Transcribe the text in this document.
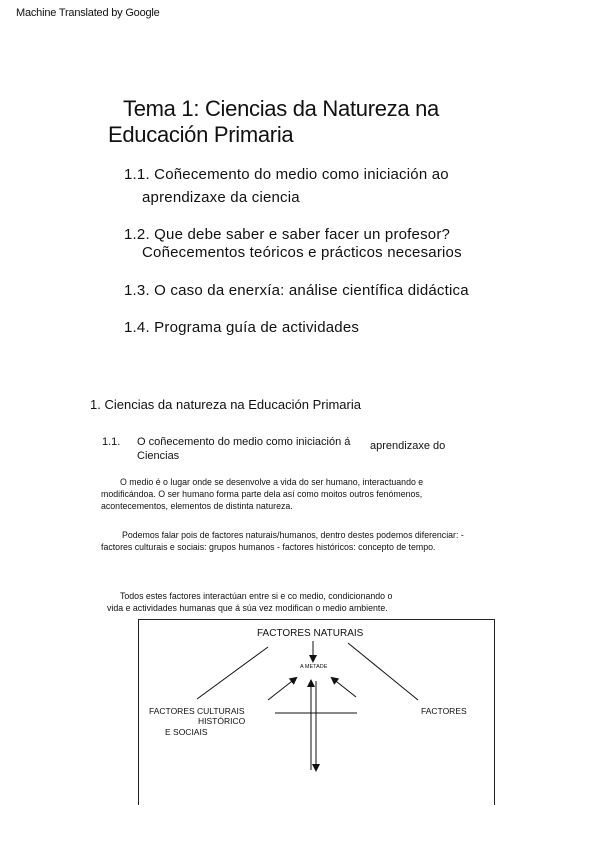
Machine Translated by Google
Tema 1: Ciencias da Natureza na
Educación Primaria
1.1. Coñecemento do medio como iniciación ao
aprendizaxe da ciencia
1.2. Que debe saber e saber facer un profesor?
Coñecementos teóricos e prácticos necesarios
1.3. O caso da enerxía: análise científica didáctica
1.4. Programa guía de actividades
1. Ciencias da natureza na Educación Primaria
1.1. O coñecemento do medio como iniciación á aprendizaxe do
Ciencias
O medio é o lugar onde se desenvolve a vida do ser humano, interactuando e
modificándoa. O ser humano forma parte dela así como moitos outros fenómenos,
acontecementos, elementos de distinta natureza.
Podemos falar pois de factores naturais/humanos, dentro destes podemos diferenciar: -
factores culturais e sociais: grupos humanos - factores históricos: concepto de tempo.
Todos estes factores interactúan entre si e co medio, condicionando o
vida e actividades humanas que á súa vez modifican o medio ambiente.
FACTORES NATURAIS
A METADE
FACTORES CULTURAIS
HISTÓRICO
E SOCIAIS
FACTORES
